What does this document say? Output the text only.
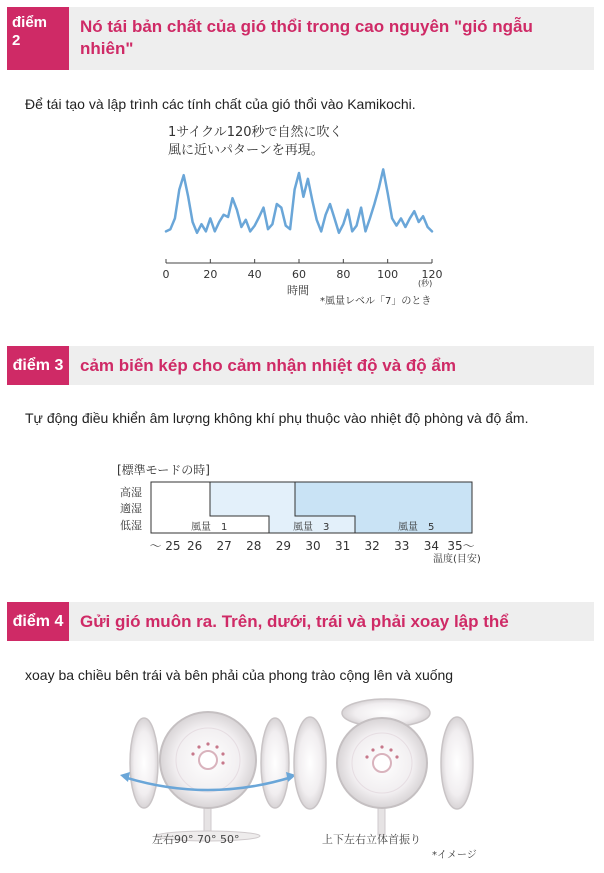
điểm
2
Nó tái bản chất của gió thổi trong cao nguyên "gió ngẫu nhiên"
Để tái tạo và lập trình các tính chất của gió thổi vào Kamikochi.
1サイクル120秒で自然に吹く
風に近いパターンを再現。
0	20	40	60	80 100 120
(秒)
時間
*風量レベル「7」のとき
điểm 3 cảm biến kép cho cảm nhận nhiệt độ và độ ẩm
Tự động điều khiển âm lượng không khí phụ thuộc vào nhiệt độ phòng và độ ẩm.
[標準モードの時]
高湿
適湿
低湿	風量　1	風量　3	風量　5
〜 25 26 27 28 29 30 31 32 33 34 35〜
温度(目安)
điểm 4 Gửi gió muôn ra. Trên, dưới, trái và phải xoay lập thể
xoay ba chiều bên trái và bên phải của phong trào cộng lên và xuống
左右90° 70° 50°	上下左右立体首振り
*イメージ
